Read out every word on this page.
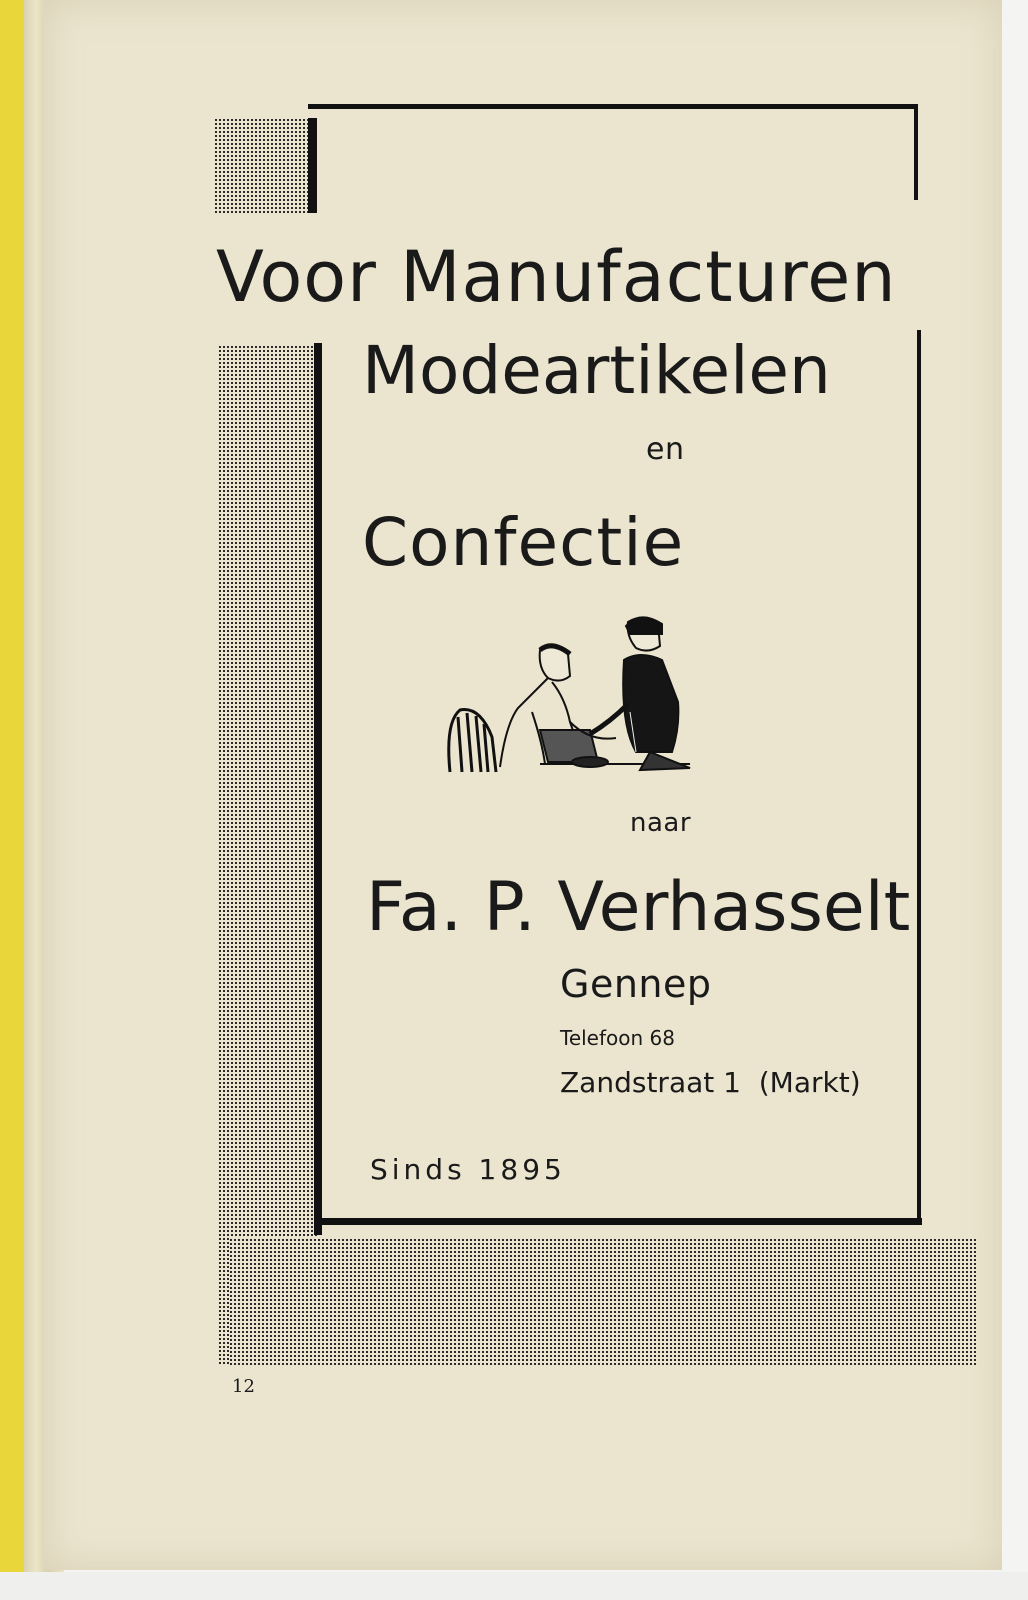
Voor Manufacturen
Modeartikelen
en
Confectie
naar
Fa. P. Verhasselt
Gennep
Telefoon 68
Zandstraat 1  (Markt)
Sinds 1895
12
